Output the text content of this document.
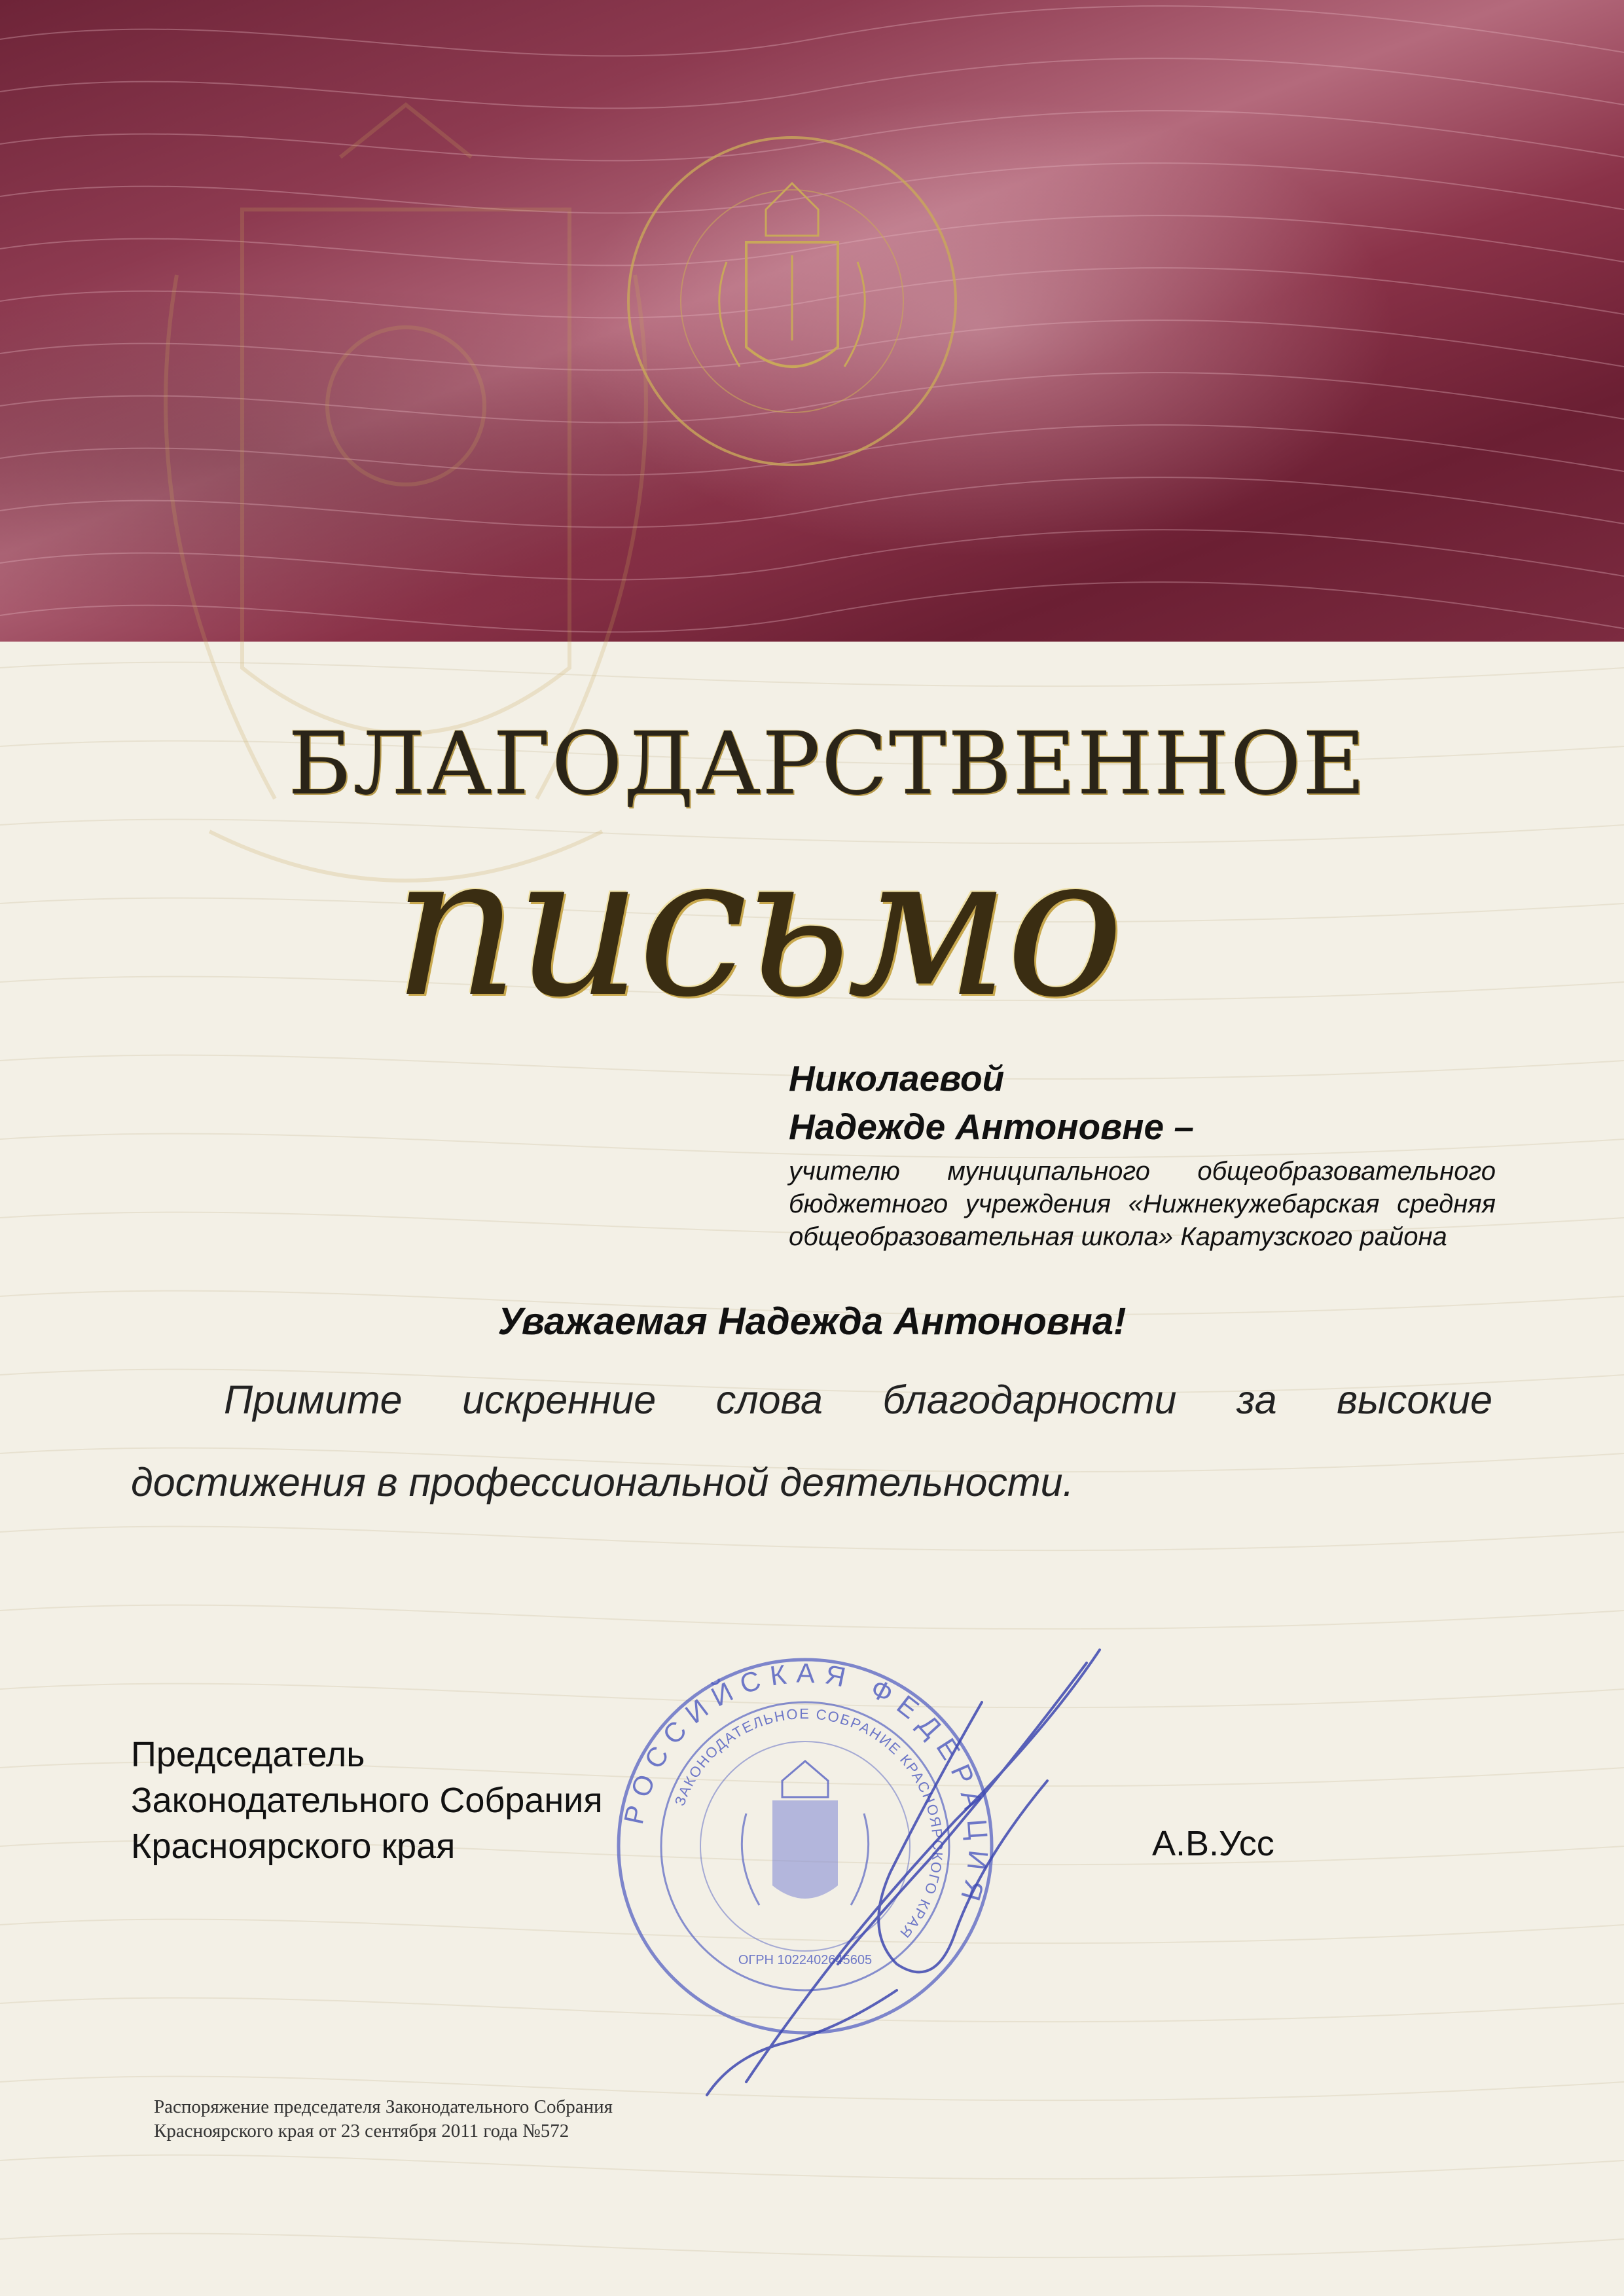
БЛАГОДАРСТВЕННОЕ
письмо
Николаевой
Надежде Антоновне –
учителю муниципального общеобразовательного бюджетного учреждения «Нижнекужебарская средняя общеобразовательная школа» Каратузского района
Уважаемая Надежда Антоновна!
Примите искренние слова благодарности за высокие достижения в профессиональной деятельности.
РОССИЙСКАЯ ФЕДЕРАЦИЯ
ЗАКОНОДАТЕЛЬНОЕ СОБРАНИЕ КРАСНОЯРСКОГО КРАЯ
ОГРН 1022402645605
Председатель
Законодательного Собрания
Красноярского края	А.В.Усс
Распоряжение председателя Законодательного Собрания
Красноярского края от 23 сентября 2011 года №572
